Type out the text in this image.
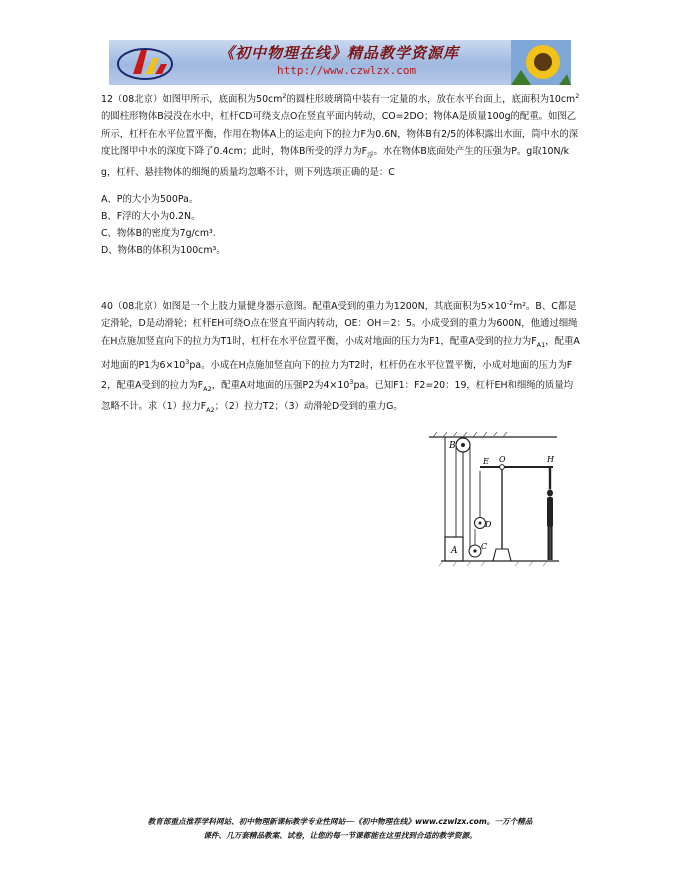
《初中物理在线》精品教学资源库
http://www.czwlzx.com

12（08北京）如图甲所示，底面积为$50cm^2$的圆柱形玻璃筒中装有一定量的水，放在水平台面上，底面积为$10cm^2$的圆柱形物体B浸没在水中，杠杆CD可绕支点O在竖直平面内转动，CO=2DO；物体A是质量100g的配重。如图乙所示，杠杆在水平位置平衡，作用在物体A上的运走向下的拉力F为0.6N，物体B有2/5的体积露出水面，筒中水的深度比图甲中水的深度下降了0.4cm；此时，物体B所受的浮力为$F_浮$。水在物体B底面处产生的压强为P。g取10N/kg，杠杆、悬挂物体的细绳的质量均忽略不计，则下列选项正确的是：C

A、P的大小为500Pa。

B、F浮的大小为0.2N。

C、物体B的密度为7g/cm³.

D、物体B的体积为100cm³。

40（08北京）如图是一个上肢力量健身器示意图。配重A受到的重力为1200N，其底面积为$5\times 10^{-2}m^2$。B、C都是定滑轮，D是动滑轮；杠杆EH可绕O点在竖直平面内转动，OE：OH＝2：5。小成受到的重力为600N，他通过细绳在H点施加竖直向下的拉力为T1时，杠杆在水平位置平衡，小成对地面的压力为F1，配重A受到的拉力为$F_{A1}$，配重A对地面的P1为$6\times 10^3pa$。小成在H点施加竖直向下的拉力为T2时，杠杆仍在水平位置平衡，小成对地面的压力为F2，配重A受到的拉力为$F_{A2}$，配重A对地面的压强P2为$4\times 10^3pa$。已知F1：F2=20：19，杠杆EH和细绳的质量均忽略不计。求（1）拉力$F_{A2}$；（2）拉力T2；（3）动滑轮D受到的重力G。

B
A
D
C
E O	H
教育部重点推荐学科网站、初中物理新课标教学专业性网站──《初中物理在线》www.czwlzx.com。一万个精品
课件、几万套精品教案、试卷，让您的每一节课都能在这里找到合适的教学资源。
